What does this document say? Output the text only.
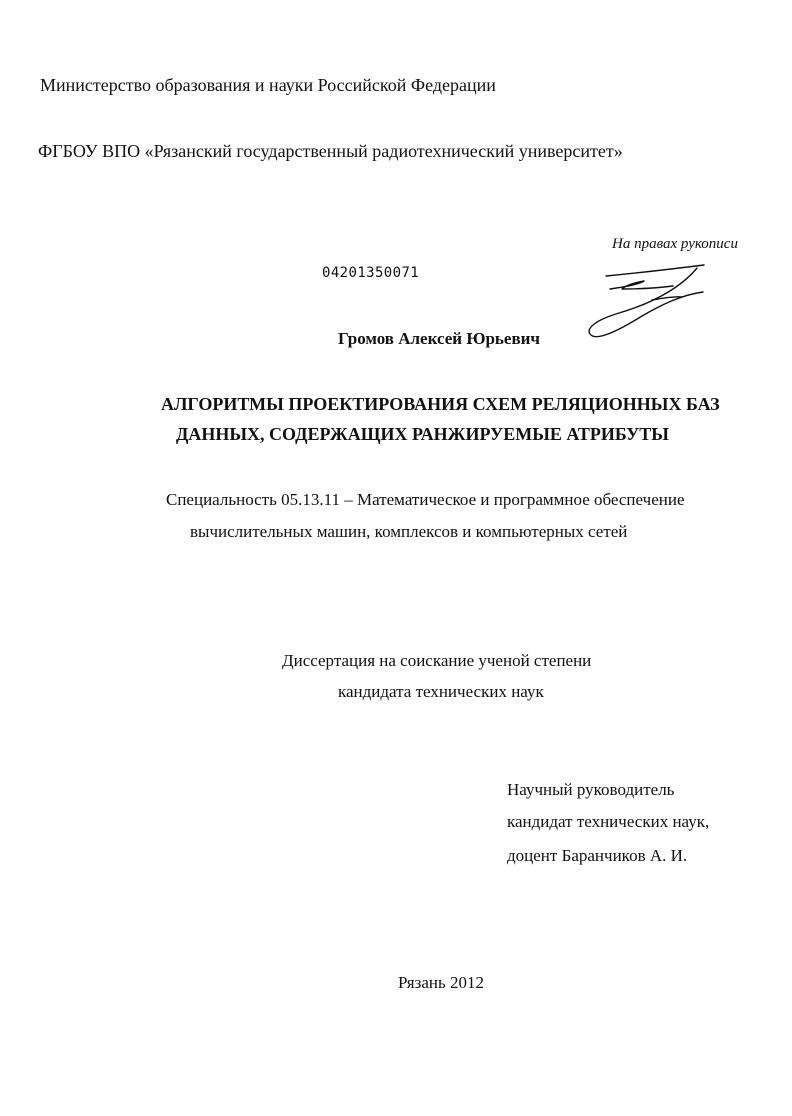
Министерство образования и науки Российской Федерации
ФГБОУ ВПО «Рязанский государственный радиотехнический университет»
На правах рукописи
04201350071
Громов Алексей Юрьевич
АЛГОРИТМЫ ПРОЕКТИРОВАНИЯ СХЕМ РЕЛЯЦИОННЫХ БАЗ
ДАННЫХ, СОДЕРЖАЩИХ РАНЖИРУЕМЫЕ АТРИБУТЫ
Специальность 05.13.11 – Математическое и программное обеспечение
вычислительных машин, комплексов и компьютерных сетей
Диссертация на соискание ученой степени
кандидата технических наук
Научный руководитель
кандидат технических наук,
доцент Баранчиков А. И.
Рязань 2012
